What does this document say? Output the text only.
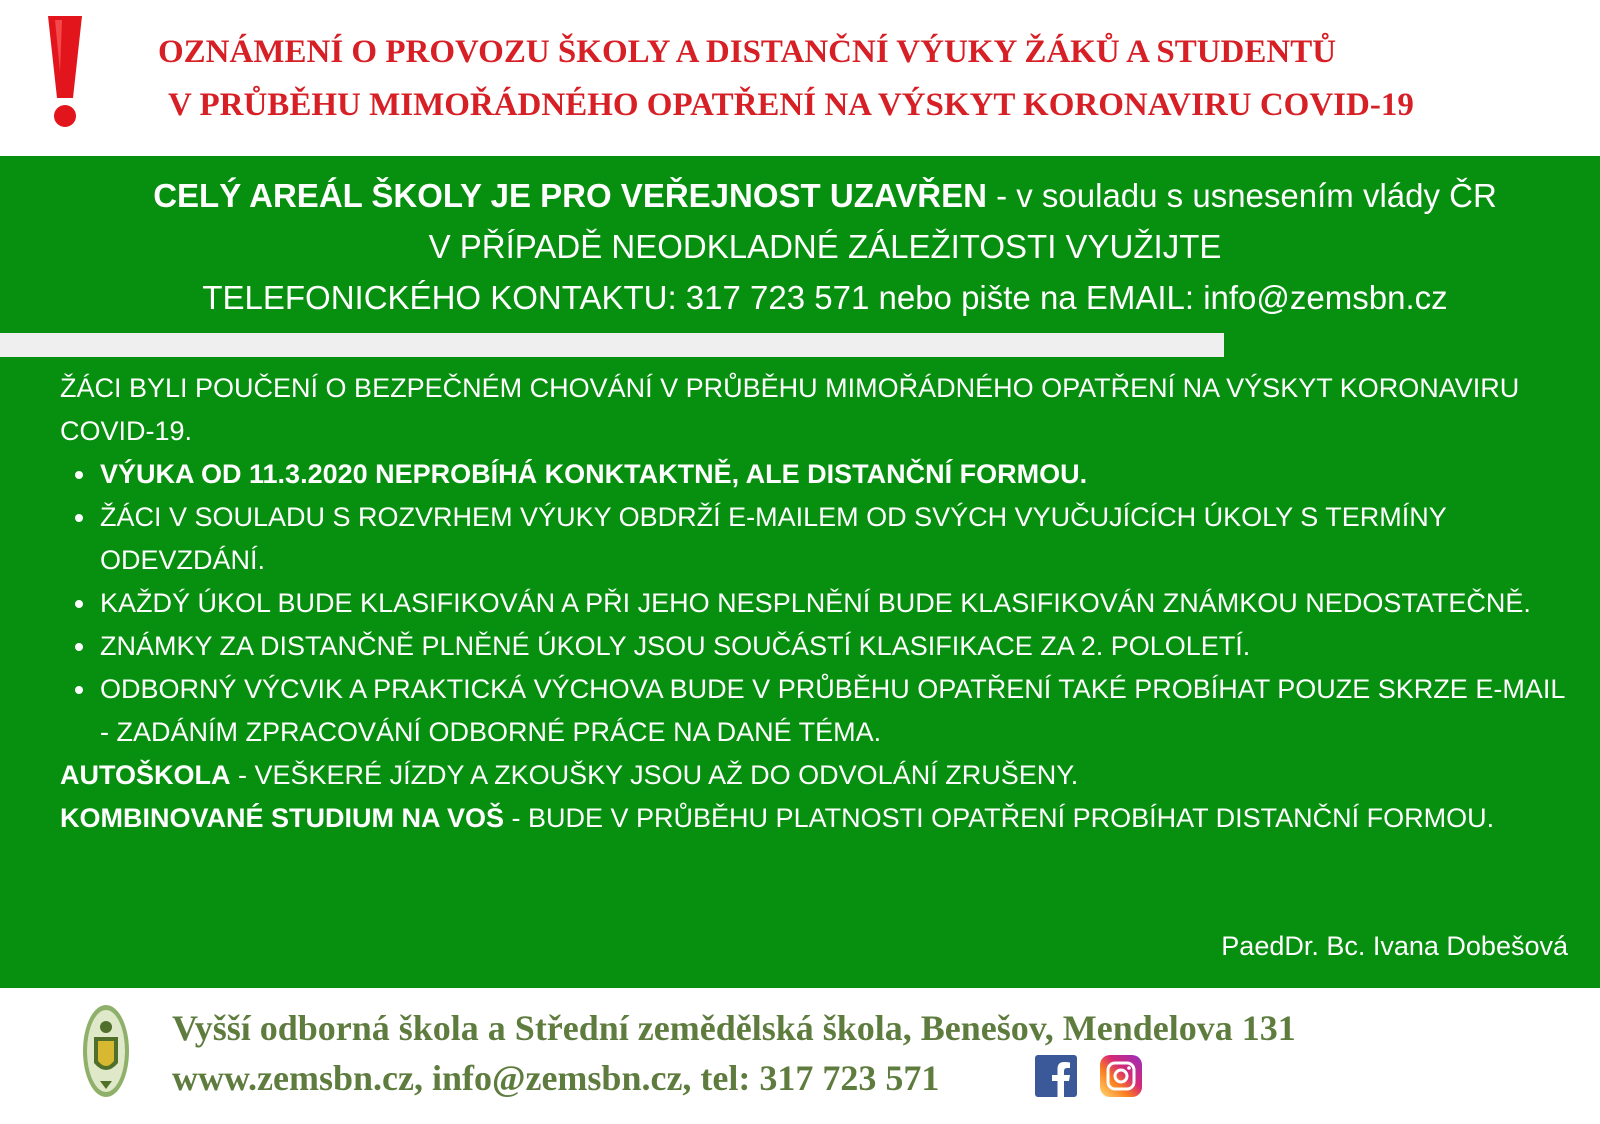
OZNÁMENÍ O PROVOZU ŠKOLY A DISTANČNÍ VÝUKY ŽÁKŮ A STUDENTŮ
V PRŮBĚHU MIMOŘÁDNÉHO OPATŘENÍ NA VÝSKYT KORONAVIRU COVID-19
CELÝ AREÁL ŠKOLY JE PRO VEŘEJNOST UZAVŘEN - v souladu s usnesením vlády ČR
V PŘÍPADĚ NEODKLADNÉ ZÁLEŽITOSTI VYUŽIJTE
TELEFONICKÉHO KONTAKTU: 317 723 571 nebo pište na EMAIL: info@zemsbn.cz

ŽÁCI BYLI POUČENÍ O BEZPEČNÉM CHOVÁNÍ V PRŮBĚHU MIMOŘÁDNÉHO OPATŘENÍ NA VÝSKYT KORONAVIRU COVID-19.

• VÝUKA OD 11.3.2020 NEPROBÍHÁ KONKTAKTNĚ, ALE DISTANČNÍ FORMOU.
• ŽÁCI V SOULADU S ROZVRHEM VÝUKY OBDRŽÍ E-MAILEM OD SVÝCH VYUČUJÍCÍCH ÚKOLY S TERMÍNY ODEVZDÁNÍ.
• KAŽDÝ ÚKOL BUDE KLASIFIKOVÁN A PŘI JEHO NESPLNĚNÍ BUDE KLASIFIKOVÁN ZNÁMKOU NEDOSTATEČNĚ.
• ZNÁMKY ZA DISTANČNĚ PLNĚNÉ ÚKOLY JSOU SOUČÁSTÍ KLASIFIKACE ZA 2. POLOLETÍ.
• ODBORNÝ VÝCVIK A PRAKTICKÁ VÝCHOVA BUDE V PRŮBĚHU OPATŘENÍ TAKÉ PROBÍHAT POUZE SKRZE E-MAIL - ZADÁNÍM ZPRACOVÁNÍ ODBORNÉ PRÁCE NA DANÉ TÉMA.

AUTOŠKOLA - VEŠKERÉ JÍZDY A ZKOUŠKY JSOU AŽ DO ODVOLÁNÍ ZRUŠENY.

KOMBINOVANÉ STUDIUM NA VOŠ - BUDE V PRŮBĚHU PLATNOSTI OPATŘENÍ PROBÍHAT DISTANČNÍ FORMOU.

PaedDr. Bc. Ivana Dobešová
Vyšší odborná škola a Střední zemědělská škola, Benešov, Mendelova 131
www.zemsbn.cz, info@zemsbn.cz, tel: 317 723 571
